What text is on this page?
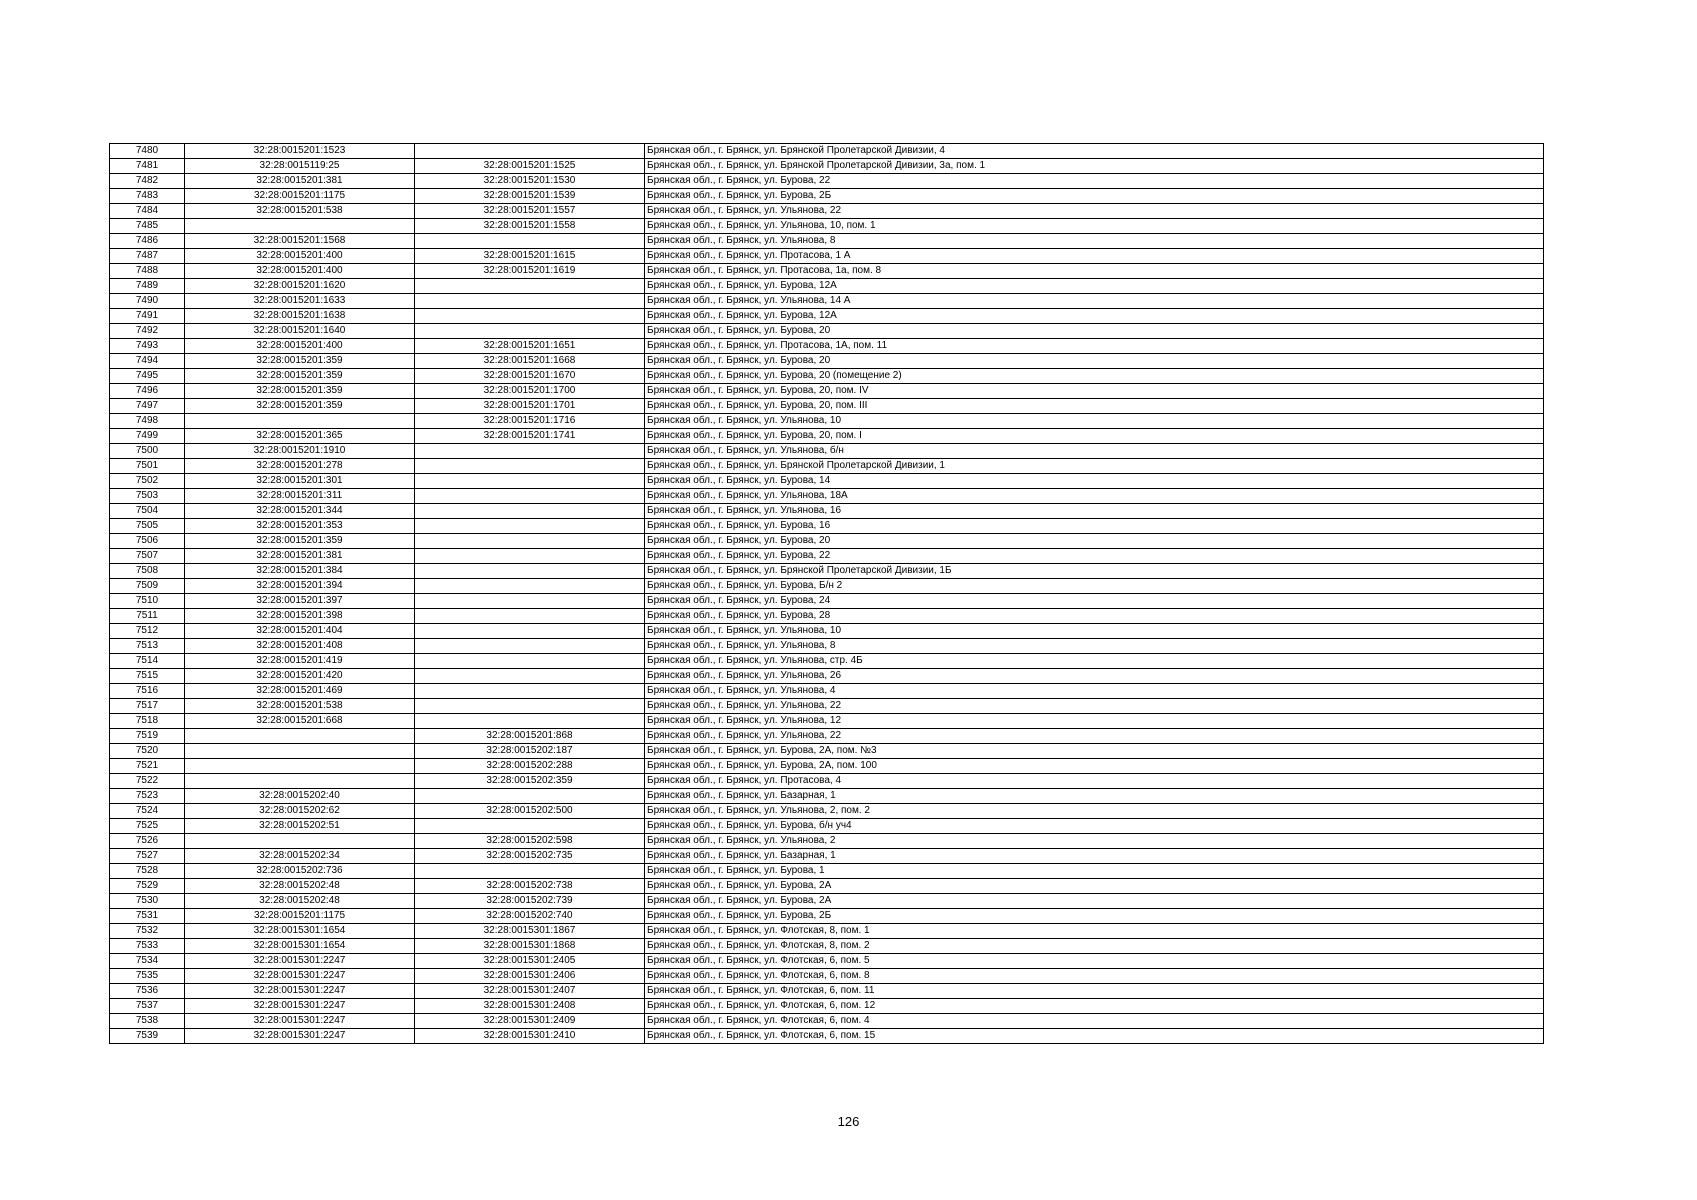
7480	32:28:0015201:1523		Брянская обл., г. Брянск, ул. Брянской Пролетарской Дивизии, 4
7481	32:28:0015119:25	32:28:0015201:1525	Брянская обл., г. Брянск, ул. Брянской Пролетарской Дивизии, 3а, пом. 1
7482	32:28:0015201:381	32:28:0015201:1530	Брянская обл., г. Брянск, ул. Бурова, 22
7483	32:28:0015201:1175	32:28:0015201:1539	Брянская обл., г. Брянск, ул. Бурова, 2Б
7484	32:28:0015201:538	32:28:0015201:1557	Брянская обл., г. Брянск, ул. Ульянова, 22
7485		32:28:0015201:1558	Брянская обл., г. Брянск, ул. Ульянова, 10, пом. 1
7486	32:28:0015201:1568		Брянская обл., г. Брянск, ул. Ульянова, 8
7487	32:28:0015201:400	32:28:0015201:1615	Брянская обл., г. Брянск, ул. Протасова, 1 А
7488	32:28:0015201:400	32:28:0015201:1619	Брянская обл., г. Брянск, ул. Протасова, 1а, пом. 8
7489	32:28:0015201:1620		Брянская обл., г. Брянск, ул. Бурова, 12А
7490	32:28:0015201:1633		Брянская обл., г. Брянск, ул. Ульянова, 14 А
7491	32:28:0015201:1638		Брянская обл., г. Брянск, ул. Бурова, 12А
7492	32:28:0015201:1640		Брянская обл., г. Брянск, ул. Бурова, 20
7493	32:28:0015201:400	32:28:0015201:1651	Брянская обл., г. Брянск, ул. Протасова, 1А, пом. 11
7494	32:28:0015201:359	32:28:0015201:1668	Брянская обл., г. Брянск, ул. Бурова, 20
7495	32:28:0015201:359	32:28:0015201:1670	Брянская обл., г. Брянск, ул. Бурова, 20 (помещение 2)
7496	32:28:0015201:359	32:28:0015201:1700	Брянская обл., г. Брянск, ул. Бурова, 20, пом. IV
7497	32:28:0015201:359	32:28:0015201:1701	Брянская обл., г. Брянск, ул. Бурова, 20, пом. III
7498		32:28:0015201:1716	Брянская обл., г. Брянск, ул. Ульянова, 10
7499	32:28:0015201:365	32:28:0015201:1741	Брянская обл., г. Брянск, ул. Бурова, 20, пом. I
7500	32:28:0015201:1910		Брянская обл., г. Брянск, ул. Ульянова, б/н
7501	32:28:0015201:278		Брянская обл., г. Брянск, ул. Брянской Пролетарской Дивизии, 1
7502	32:28:0015201:301		Брянская обл., г. Брянск, ул. Бурова, 14
7503	32:28:0015201:311		Брянская обл., г. Брянск, ул. Ульянова, 18А
7504	32:28:0015201:344		Брянская обл., г. Брянск, ул. Ульянова, 16
7505	32:28:0015201:353		Брянская обл., г. Брянск, ул. Бурова, 16
7506	32:28:0015201:359		Брянская обл., г. Брянск, ул. Бурова, 20
7507	32:28:0015201:381		Брянская обл., г. Брянск, ул. Бурова, 22
7508	32:28:0015201:384		Брянская обл., г. Брянск, ул. Брянской Пролетарской Дивизии, 1Б
7509	32:28:0015201:394		Брянская обл., г. Брянск, ул. Бурова, Б/н 2
7510	32:28:0015201:397		Брянская обл., г. Брянск, ул. Бурова, 24
7511	32:28:0015201:398		Брянская обл., г. Брянск, ул. Бурова, 28
7512	32:28:0015201:404		Брянская обл., г. Брянск, ул. Ульянова, 10
7513	32:28:0015201:408		Брянская обл., г. Брянск, ул. Ульянова, 8
7514	32:28:0015201:419		Брянская обл., г. Брянск, ул. Ульянова, стр. 4Б
7515	32:28:0015201:420		Брянская обл., г. Брянск, ул. Ульянова, 26
7516	32:28:0015201:469		Брянская обл., г. Брянск, ул. Ульянова, 4
7517	32:28:0015201:538		Брянская обл., г. Брянск, ул. Ульянова, 22
7518	32:28:0015201:668		Брянская обл., г. Брянск, ул. Ульянова, 12
7519		32:28:0015201:868	Брянская обл., г. Брянск, ул. Ульянова, 22
7520		32:28:0015202:187	Брянская обл., г. Брянск, ул. Бурова, 2А, пом. №3
7521		32:28:0015202:288	Брянская обл., г. Брянск, ул. Бурова, 2А, пом. 100
7522		32:28:0015202:359	Брянская обл., г. Брянск, ул. Протасова, 4
7523	32:28:0015202:40		Брянская обл., г. Брянск, ул. Базарная, 1
7524	32:28:0015202:62	32:28:0015202:500	Брянская обл., г. Брянск, ул. Ульянова, 2, пом. 2
7525	32:28:0015202:51		Брянская обл., г. Брянск, ул. Бурова, б/н уч4
7526		32:28:0015202:598	Брянская обл., г. Брянск, ул. Ульянова, 2
7527	32:28:0015202:34	32:28:0015202:735	Брянская обл., г. Брянск, ул. Базарная, 1
7528	32:28:0015202:736		Брянская обл., г. Брянск, ул. Бурова, 1
7529	32:28:0015202:48	32:28:0015202:738	Брянская обл., г. Брянск, ул. Бурова, 2А
7530	32:28:0015202:48	32:28:0015202:739	Брянская обл., г. Брянск, ул. Бурова, 2А
7531	32:28:0015201:1175	32:28:0015202:740	Брянская обл., г. Брянск, ул. Бурова, 2Б
7532	32:28:0015301:1654	32:28:0015301:1867	Брянская обл., г. Брянск, ул. Флотская, 8, пом. 1
7533	32:28:0015301:1654	32:28:0015301:1868	Брянская обл., г. Брянск, ул. Флотская, 8, пом. 2
7534	32:28:0015301:2247	32:28:0015301:2405	Брянская обл., г. Брянск, ул. Флотская, 6, пом. 5
7535	32:28:0015301:2247	32:28:0015301:2406	Брянская обл., г. Брянск, ул. Флотская, 6, пом. 8
7536	32:28:0015301:2247	32:28:0015301:2407	Брянская обл., г. Брянск, ул. Флотская, 6, пом. 11
7537	32:28:0015301:2247	32:28:0015301:2408	Брянская обл., г. Брянск, ул. Флотская, 6, пом. 12
7538	32:28:0015301:2247	32:28:0015301:2409	Брянская обл., г. Брянск, ул. Флотская, 6, пом. 4
7539	32:28:0015301:2247	32:28:0015301:2410	Брянская обл., г. Брянск, ул. Флотская, 6, пом. 15
126
